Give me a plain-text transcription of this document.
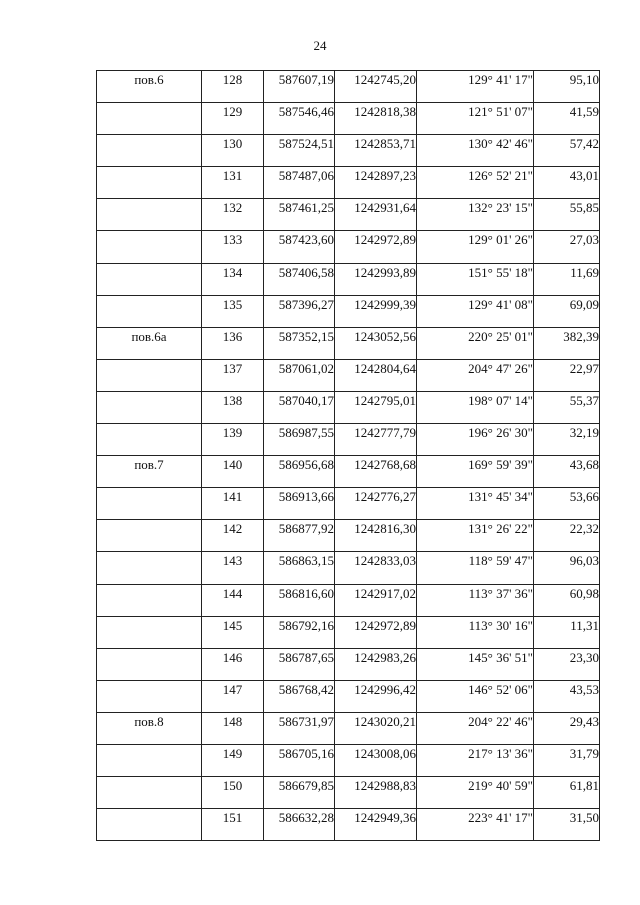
24
пов.6	128	587607,19	1242745,20	129° 41' 17"	95,10
	129	587546,46	1242818,38	121° 51' 07"	41,59
	130	587524,51	1242853,71	130° 42' 46"	57,42
	131	587487,06	1242897,23	126° 52' 21"	43,01
	132	587461,25	1242931,64	132° 23' 15"	55,85
	133	587423,60	1242972,89	129° 01' 26"	27,03
	134	587406,58	1242993,89	151° 55' 18"	11,69
	135	587396,27	1242999,39	129° 41' 08"	69,09
пов.6а	136	587352,15	1243052,56	220° 25' 01"	382,39
	137	587061,02	1242804,64	204° 47' 26"	22,97
	138	587040,17	1242795,01	198° 07' 14"	55,37
	139	586987,55	1242777,79	196° 26' 30"	32,19
пов.7	140	586956,68	1242768,68	169° 59' 39"	43,68
	141	586913,66	1242776,27	131° 45' 34"	53,66
	142	586877,92	1242816,30	131° 26' 22"	22,32
	143	586863,15	1242833,03	118° 59' 47"	96,03
	144	586816,60	1242917,02	113° 37' 36"	60,98
	145	586792,16	1242972,89	113° 30' 16"	11,31
	146	586787,65	1242983,26	145° 36' 51"	23,30
	147	586768,42	1242996,42	146° 52' 06"	43,53
пов.8	148	586731,97	1243020,21	204° 22' 46"	29,43
	149	586705,16	1243008,06	217° 13' 36"	31,79
	150	586679,85	1242988,83	219° 40' 59"	61,81
	151	586632,28	1242949,36	223° 41' 17"	31,50
